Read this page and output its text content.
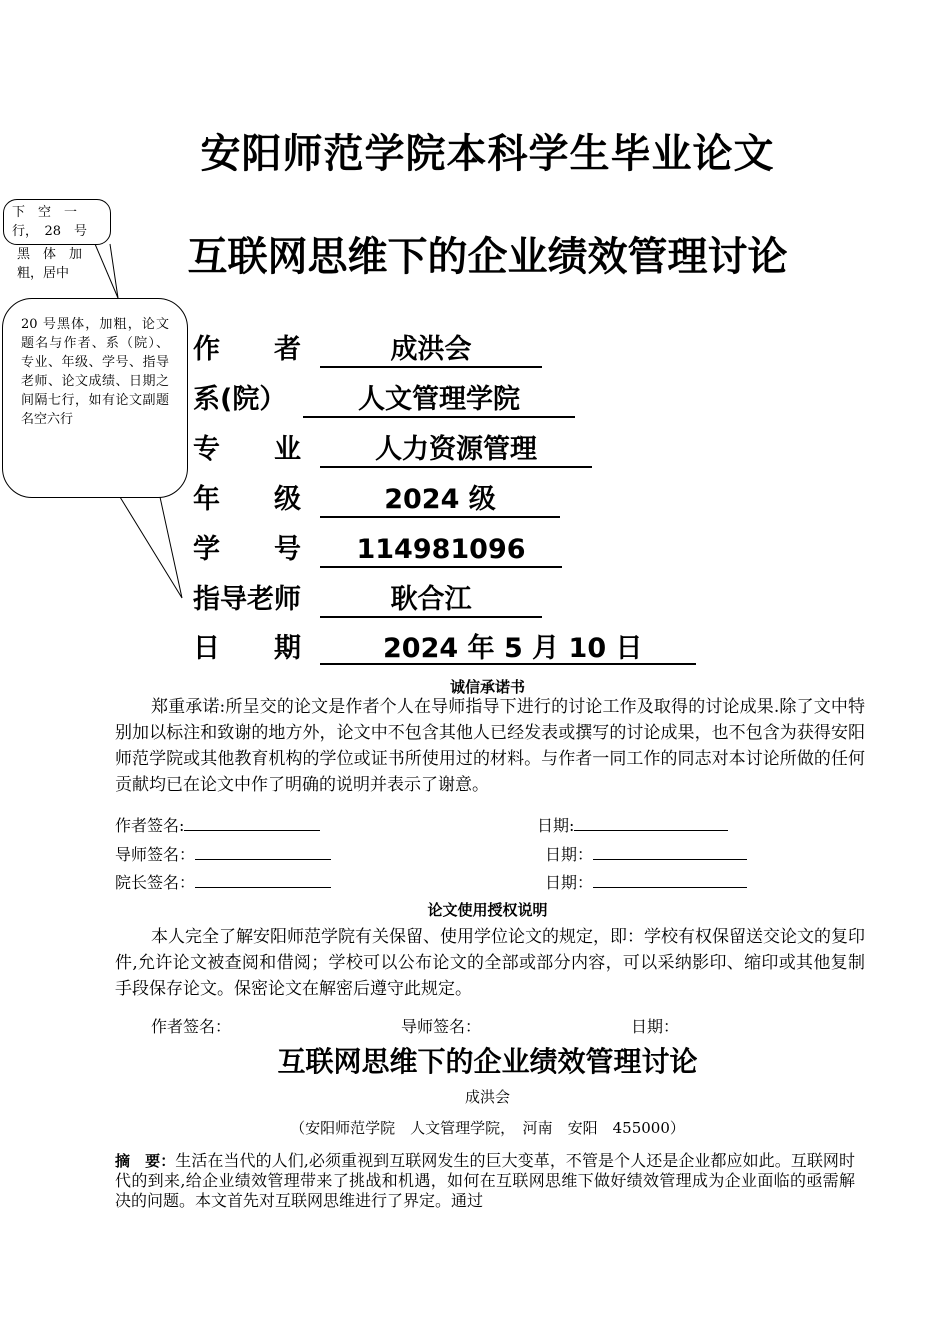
安阳师范学院本科学生毕业论文
互联网思维下的企业绩效管理讨论
下　空　一
行，　28　号
黑　体　加
粗，居中
20 号黑体，加粗，论文题名与作者、系（院）、专业、年级、学号、指导老师、论文成绩、日期之间隔七行，如有论文副题名空六行
作　　者	成洪会
系(院）	人文管理学院
专　　业	人力资源管理
年　　级	2024 级
学　　号	114981096
指导老师	耿合江
日　　期	2024 年 5 月 10 日
诚信承诺书
郑重承诺:所呈交的论文是作者个人在导师指导下进行的讨论工作及取得的讨论成果.除了文中特别加以标注和致谢的地方外，论文中不包含其他人已经发表或撰写的讨论成果，也不包含为获得安阳师范学院或其他教育机构的学位或证书所使用过的材料。与作者一同工作的同志对本讨论所做的任何贡献均已在论文中作了明确的说明并表示了谢意。
作者签名:	日期:
导师签名：	日期：
院长签名：	日期：
论文使用授权说明
本人完全了解安阳师范学院有关保留、使用学位论文的规定，即：学校有权保留送交论文的复印件,允许论文被查阅和借阅；学校可以公布论文的全部或部分内容，可以采纳影印、缩印或其他复制手段保存论文。保密论文在解密后遵守此规定。
作者签名：	导师签名：	日期：
互联网思维下的企业绩效管理讨论
成洪会
（安阳师范学院　人文管理学院，　河南　安阳　455000）
摘　要：生活在当代的人们,必须重视到互联网发生的巨大变革，不管是个人还是企业都应如此。互联网时代的到来,给企业绩效管理带来了挑战和机遇，如何在互联网思维下做好绩效管理成为企业面临的亟需解决的问题。本文首先对互联网思维进行了界定。通过
